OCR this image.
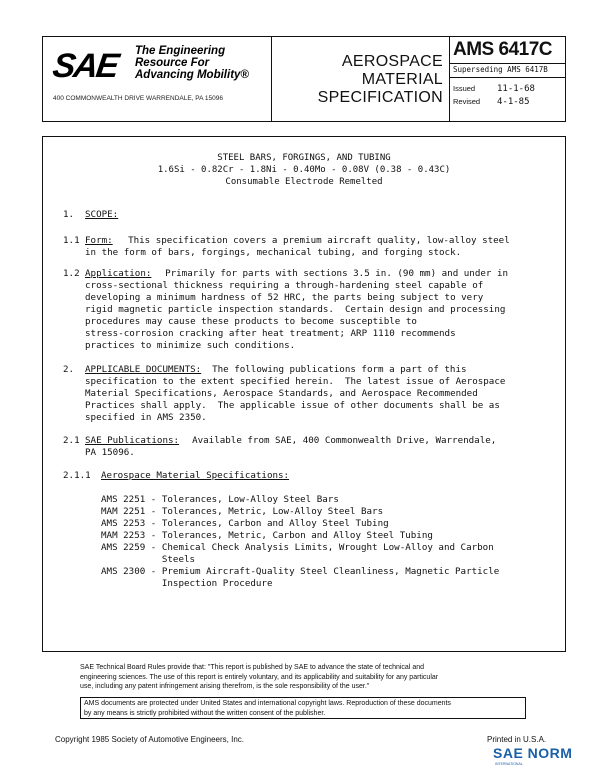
SAE The Engineering
Resource For
Advancing Mobility®
400 COMMONWEALTH DRIVE WARRENDALE, PA 15096
AEROSPACE
MATERIAL
SPECIFICATION
AMS 6417C
Superseding AMS 6417B
Issued	11-1-68
Revised	4-1-85
STEEL BARS, FORGINGS, AND TUBING
1.6Si - 0.82Cr - 1.8Ni - 0.40Mo - 0.08V (0.38 - 0.43C)
Consumable Electrode Remelted
1. SCOPE:
1.1 Form: This specification covers a premium aircraft quality, low-alloy steel
in the form of bars, forgings, mechanical tubing, and forging stock.
1.2 Application: Primarily for parts with sections 3.5 in. (90 mm) and under in
cross-sectional thickness requiring a through-hardening steel capable of
developing a minimum hardness of 52 HRC, the parts being subject to very
rigid magnetic particle inspection standards.  Certain design and processing
procedures may cause these products to become susceptible to
stress-corrosion cracking after heat treatment; ARP 1110 recommends
practices to minimize such conditions.
2. APPLICABLE DOCUMENTS: The following publications form a part of this
specification to the extent specified herein.  The latest issue of Aerospace
Material Specifications, Aerospace Standards, and Aerospace Recommended
Practices shall apply.  The applicable issue of other documents shall be as
specified in AMS 2350.
2.1 SAE Publications: Available from SAE, 400 Commonwealth Drive, Warrendale,
PA 15096.
2.1.1 Aerospace Material Specifications:
AMS 2251 - Tolerances, Low-Alloy Steel Bars
MAM 2251 - Tolerances, Metric, Low-Alloy Steel Bars
AMS 2253 - Tolerances, Carbon and Alloy Steel Tubing
MAM 2253 - Tolerances, Metric, Carbon and Alloy Steel Tubing
AMS 2259 - Chemical Check Analysis Limits, Wrought Low-Alloy and Carbon
Steels
AMS 2300 - Premium Aircraft-Quality Steel Cleanliness, Magnetic Particle
Inspection Procedure
SAE Technical Board Rules provide that: "This report is published by SAE to advance the state of technical and
engineering sciences. The use of this report is entirely voluntary, and its applicability and suitability for any particular
use, including any patent infringement arising therefrom, is the sole responsibility of the user."
AMS documents are protected under United States and international copyright laws. Reproduction of these documents
by any means is strictly prohibited without the written consent of the publisher.
Copyright 1985 Society of Automotive Engineers, Inc.	Printed in U.S.A.
SAE NORM
INTERNATIONAL
